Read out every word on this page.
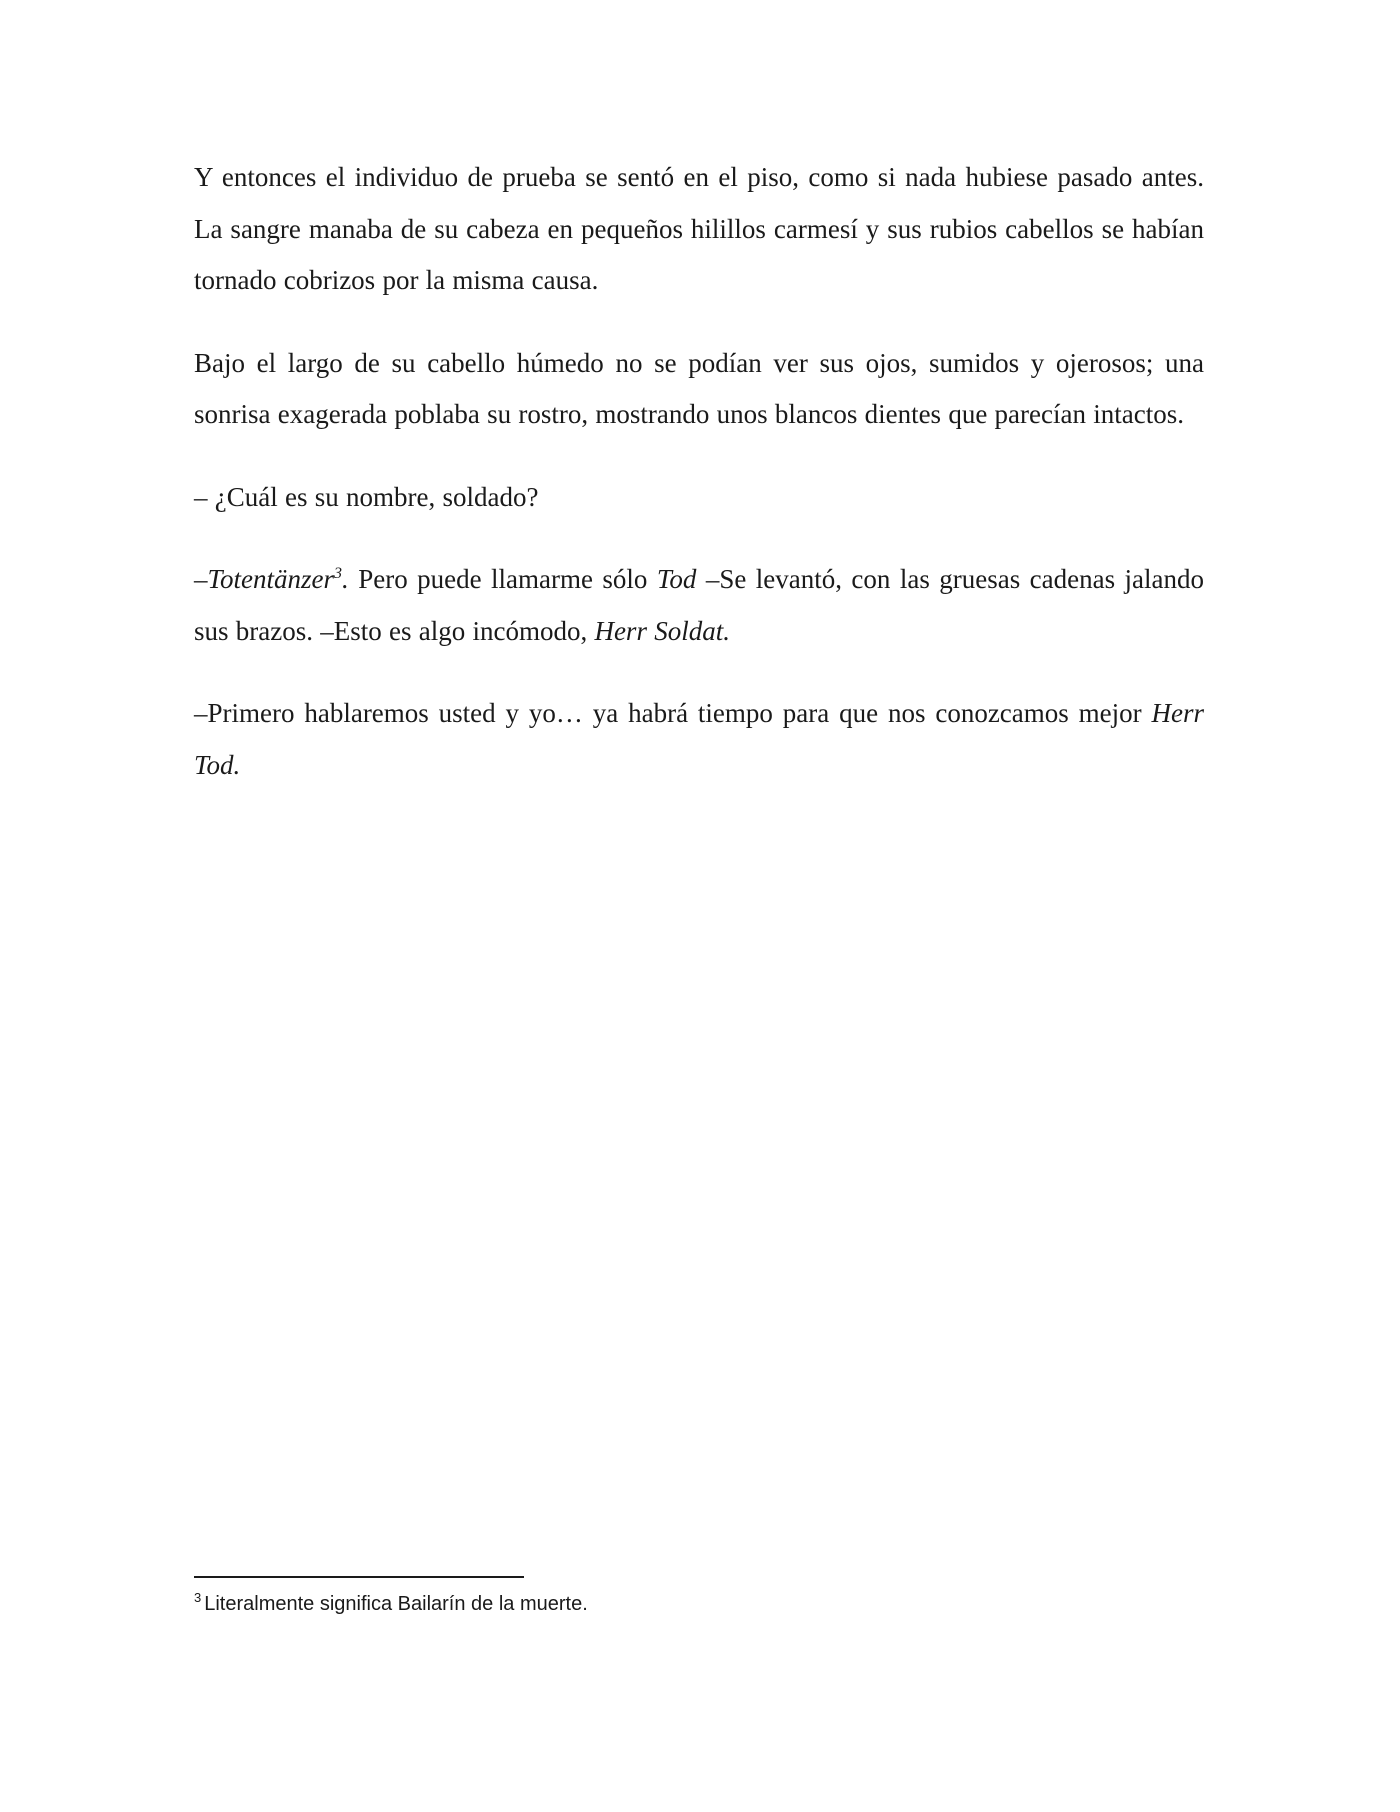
Y entonces el individuo de prueba se sentó en el piso, como si nada hubiese pasado antes. La sangre manaba de su cabeza en pequeños hilillos carmesí y sus rubios cabellos se habían tornado cobrizos por la misma causa.

Bajo el largo de su cabello húmedo no se podían ver sus ojos, sumidos y ojerosos; una sonrisa exagerada poblaba su rostro, mostrando unos blancos dientes que parecían intactos.

– ¿Cuál es su nombre, soldado?

–Totentänzer$^3$. Pero puede llamarme sólo Tod –Se levantó, con las gruesas cadenas jalando sus brazos. –Esto es algo incómodo, Herr Soldat.

–Primero hablaremos usted y yo… ya habrá tiempo para que nos conozcamos mejor Herr Tod.

$^3$ Literalmente significa Bailarín de la muerte.
